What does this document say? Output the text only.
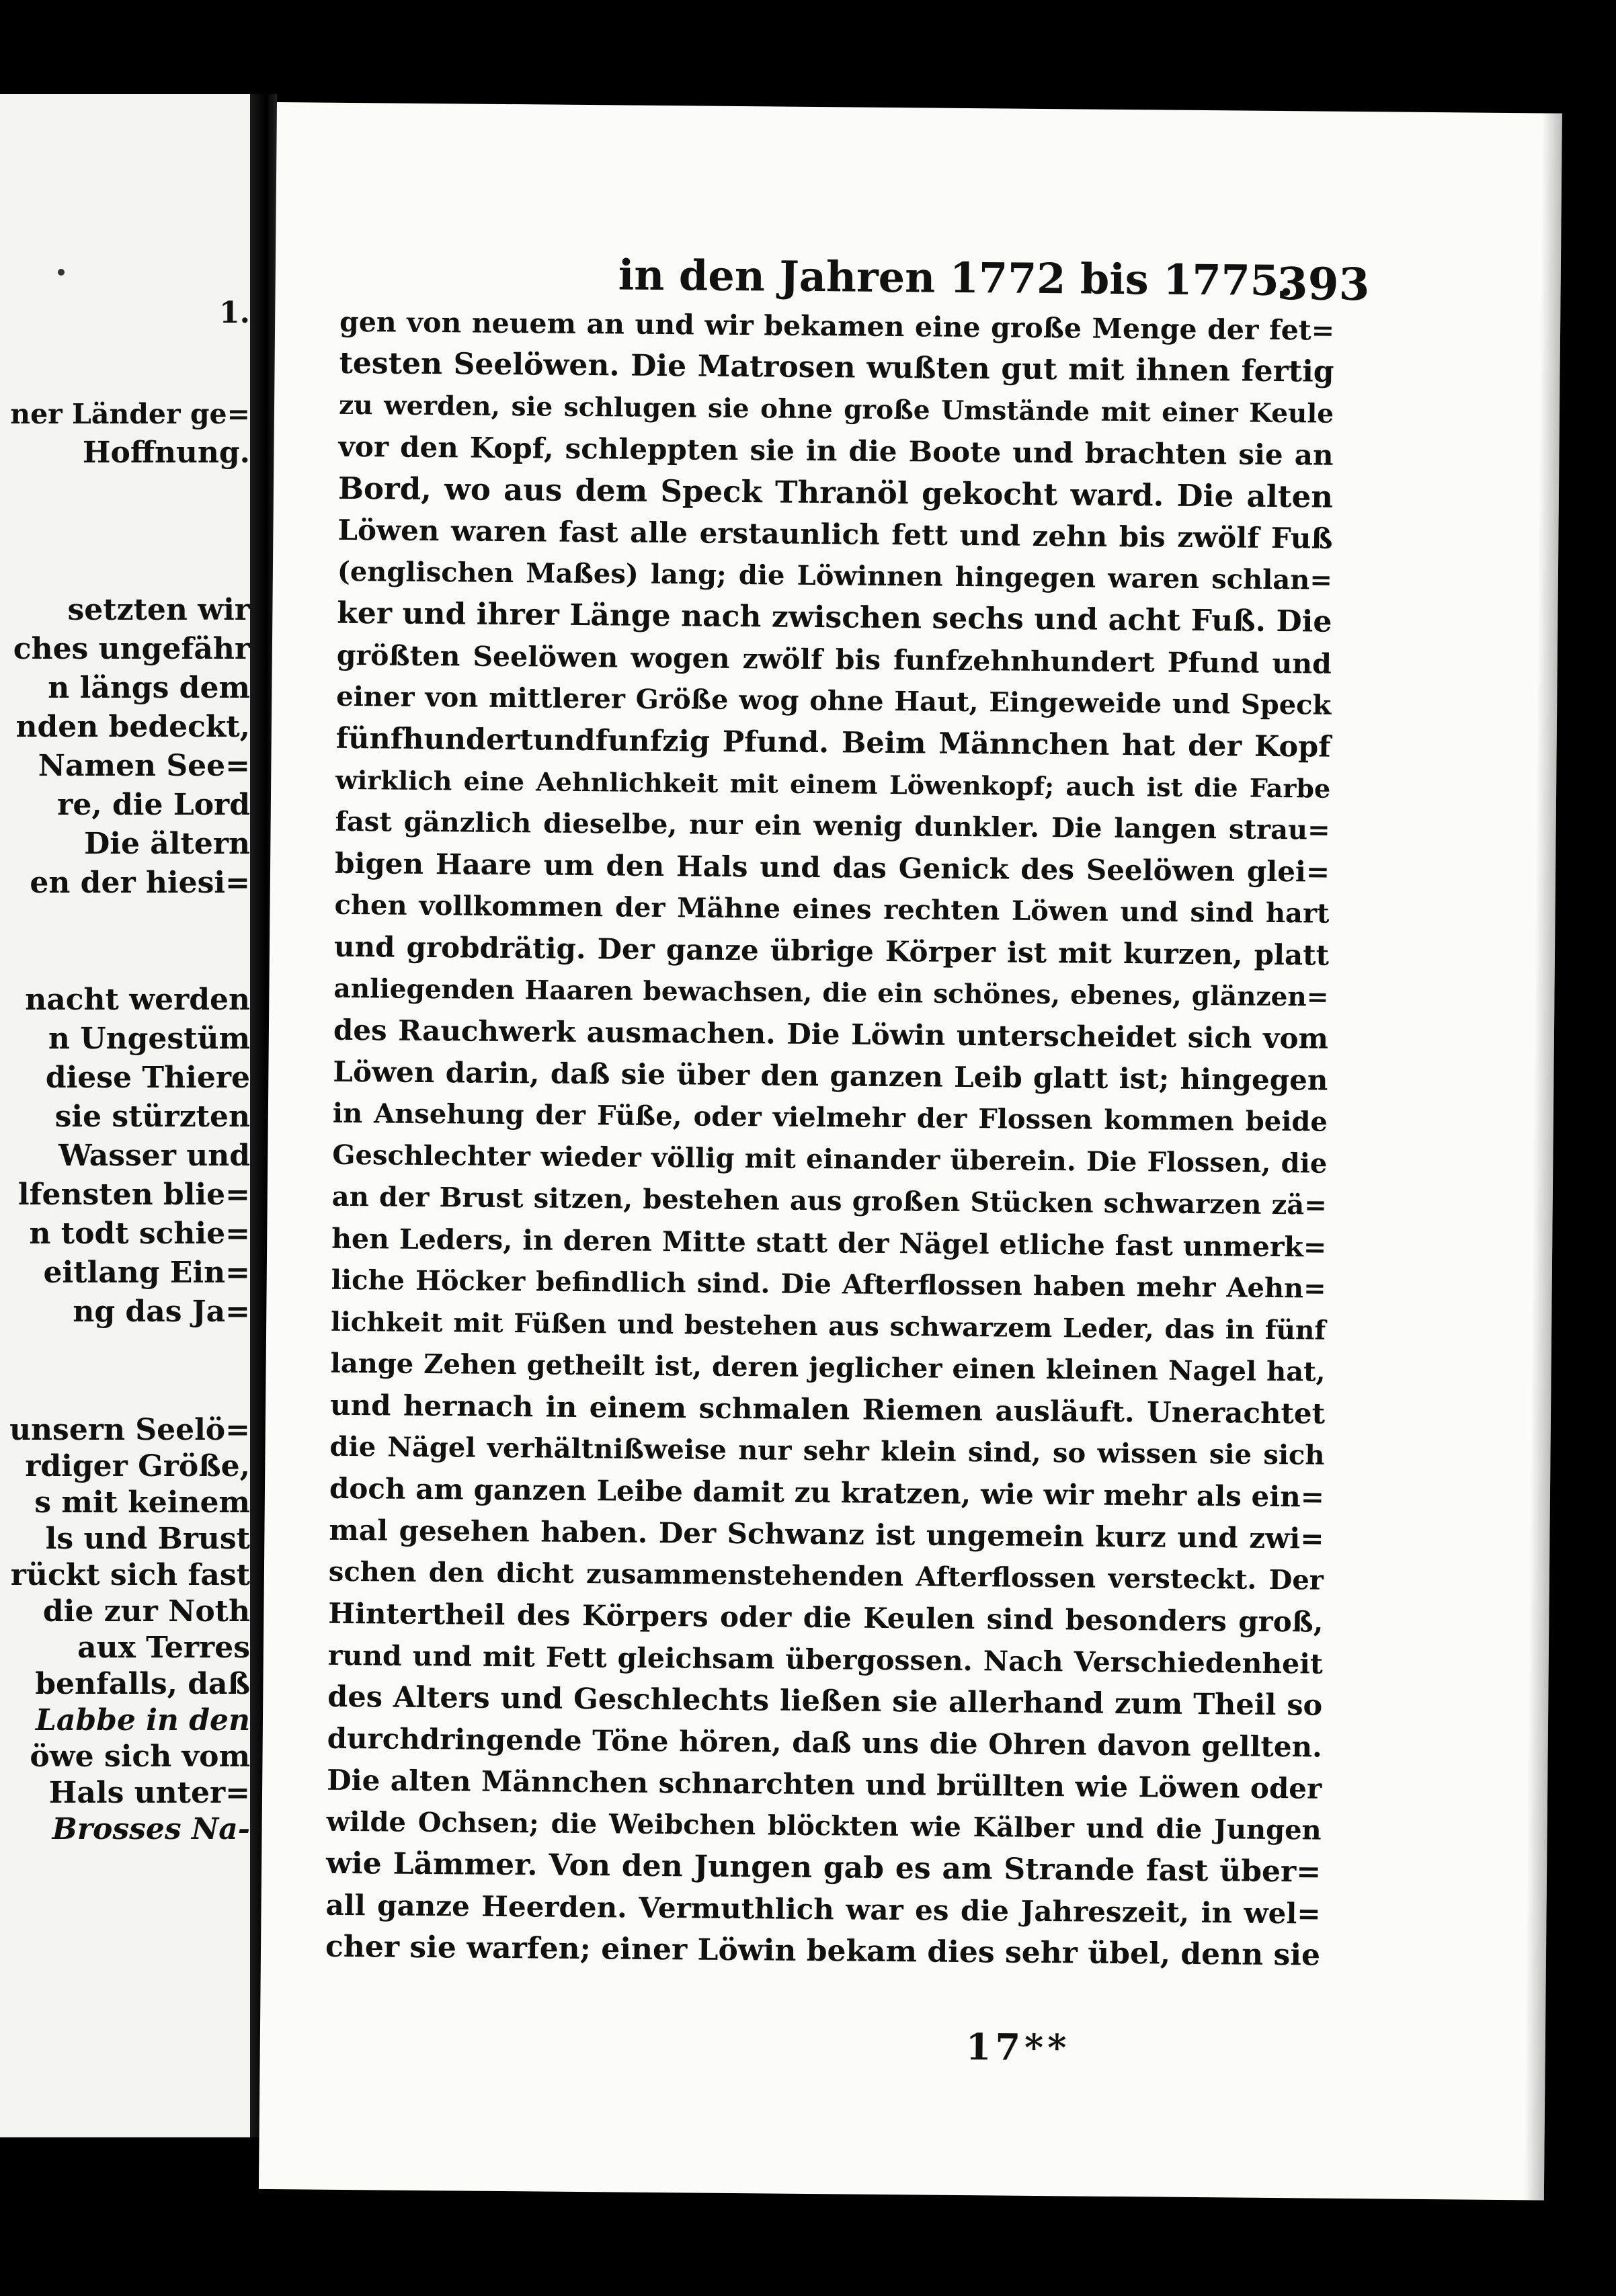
1.
ner Länder ge=
Hoffnung.
setzten wir
ches ungefähr
n längs dem
nden bedeckt,
Namen See=
re, die Lord
Die ältern
en der hiesi=
nacht werden
n Ungestüm
diese Thiere
sie stürzten
Wasser und
lfensten blie=
n todt schie=
eitlang Ein=
ng das Ja=
unsern Seelö=
rdiger Größe,
s mit keinem
ls und Brust
rückt sich fast
die zur Noth
aux Terres
benfalls, daß
Labbe in den
öwe sich vom
Hals unter=
Brosses Na-
in den Jahren 1772 bis 1775.
393
gen von neuem an und wir bekamen eine große Menge der fet=
testen Seelöwen. Die Matrosen wußten gut mit ihnen fertig
zu werden, sie schlugen sie ohne große Umstände mit einer Keule
vor den Kopf, schleppten sie in die Boote und brachten sie an
Bord, wo aus dem Speck Thranöl gekocht ward. Die alten
Löwen waren fast alle erstaunlich fett und zehn bis zwölf Fuß
(englischen Maßes) lang; die Löwinnen hingegen waren schlan=
ker und ihrer Länge nach zwischen sechs und acht Fuß. Die
größten Seelöwen wogen zwölf bis funfzehnhundert Pfund und
einer von mittlerer Größe wog ohne Haut, Eingeweide und Speck
fünfhundertundfunfzig Pfund. Beim Männchen hat der Kopf
wirklich eine Aehnlichkeit mit einem Löwenkopf; auch ist die Farbe
fast gänzlich dieselbe, nur ein wenig dunkler. Die langen strau=
bigen Haare um den Hals und das Genick des Seelöwen glei=
chen vollkommen der Mähne eines rechten Löwen und sind hart
und grobdrätig. Der ganze übrige Körper ist mit kurzen, platt
anliegenden Haaren bewachsen, die ein schönes, ebenes, glänzen=
des Rauchwerk ausmachen. Die Löwin unterscheidet sich vom
Löwen darin, daß sie über den ganzen Leib glatt ist; hingegen
in Ansehung der Füße, oder vielmehr der Flossen kommen beide
Geschlechter wieder völlig mit einander überein. Die Flossen, die
an der Brust sitzen, bestehen aus großen Stücken schwarzen zä=
hen Leders, in deren Mitte statt der Nägel etliche fast unmerk=
liche Höcker befindlich sind. Die Afterflossen haben mehr Aehn=
lichkeit mit Füßen und bestehen aus schwarzem Leder, das in fünf
lange Zehen getheilt ist, deren jeglicher einen kleinen Nagel hat,
und hernach in einem schmalen Riemen ausläuft. Unerachtet
die Nägel verhältnißweise nur sehr klein sind, so wissen sie sich
doch am ganzen Leibe damit zu kratzen, wie wir mehr als ein=
mal gesehen haben. Der Schwanz ist ungemein kurz und zwi=
schen den dicht zusammenstehenden Afterflossen versteckt. Der
Hintertheil des Körpers oder die Keulen sind besonders groß,
rund und mit Fett gleichsam übergossen. Nach Verschiedenheit
des Alters und Geschlechts ließen sie allerhand zum Theil so
durchdringende Töne hören, daß uns die Ohren davon gellten.
Die alten Männchen schnarchten und brüllten wie Löwen oder
wilde Ochsen; die Weibchen blöckten wie Kälber und die Jungen
wie Lämmer. Von den Jungen gab es am Strande fast über=
all ganze Heerden. Vermuthlich war es die Jahreszeit, in wel=
cher sie warfen; einer Löwin bekam dies sehr übel, denn sie
17**
